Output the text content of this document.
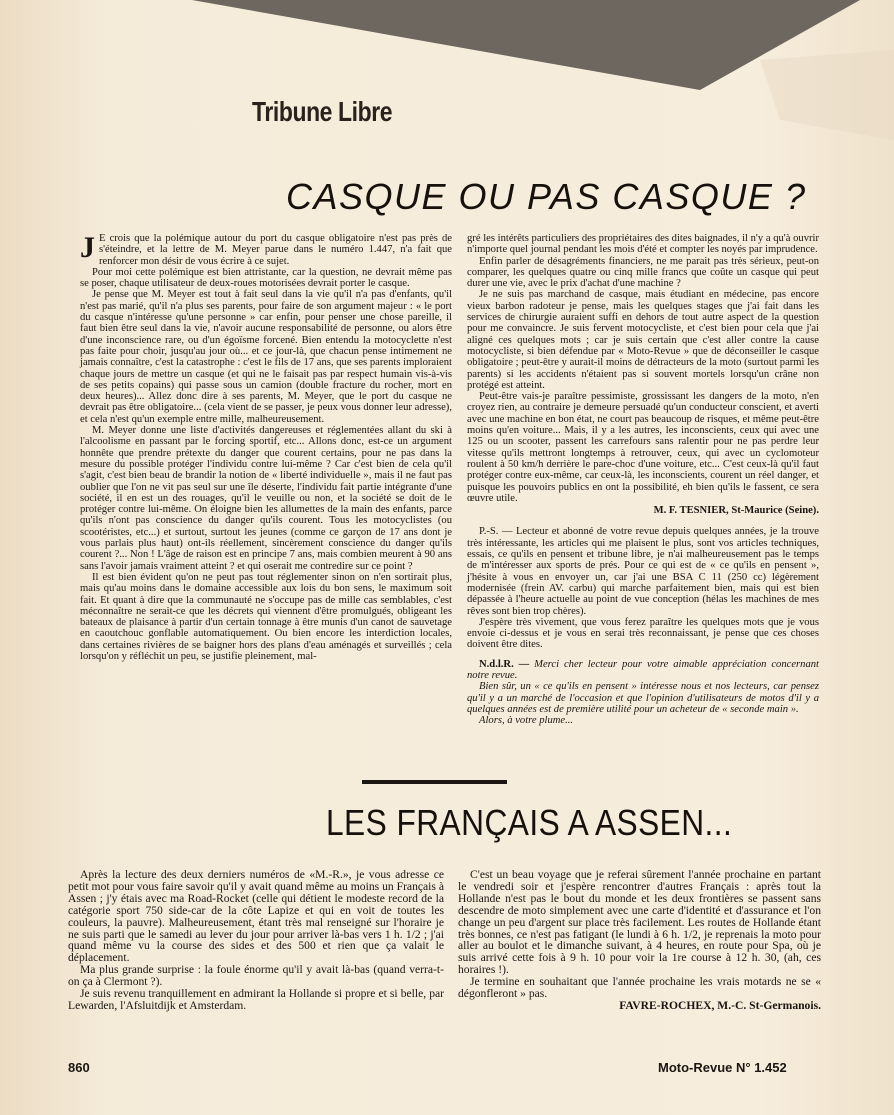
Tribune Libre
CASQUE OU PAS CASQUE ?

J E crois que la polémique autour du port du casque obligatoire n'est pas près de s'éteindre, et la lettre de M. Meyer parue dans le numéro 1.447, n'a fait que renforcer mon désir de vous écrire à ce sujet.

Pour moi cette polémique est bien attristante, car la question, ne devrait même pas se poser, chaque utilisateur de deux-roues motorisées devrait porter le casque.

Je pense que M. Meyer est tout à fait seul dans la vie qu'il n'a pas d'enfants, qu'il n'est pas marié, qu'il n'a plus ses parents, pour faire de son argument majeur : « le port du casque n'intéresse qu'une personne » car enfin, pour penser une chose pareille, il faut bien être seul dans la vie, n'avoir aucune responsabilité de personne, ou alors être d'une inconscience rare, ou d'un égoïsme forcené. Bien entendu la motocyclette n'est pas faite pour choir, jusqu'au jour où... et ce jour-là, que chacun pense intimement ne jamais connaître, c'est la catastrophe : c'est le fils de 17 ans, que ses parents imploraient chaque jours de mettre un casque (et qui ne le faisait pas par respect humain vis-à-vis de ses petits copains) qui passe sous un camion (double fracture du rocher, mort en deux heures)... Allez donc dire à ses parents, M. Meyer, que le port du casque ne devrait pas être obligatoire... (cela vient de se passer, je peux vous donner leur adresse), et cela n'est qu'un exemple entre mille, malheureusement.

M. Meyer donne une liste d'activités dangereuses et réglementées allant du ski à l'alcoolisme en passant par le forcing sportif, etc... Allons donc, est-ce un argument honnête que prendre prétexte du danger que courent certains, pour ne pas dans la mesure du possible protéger l'individu contre lui-même ? Car c'est bien de cela qu'il s'agit, c'est bien beau de brandir la notion de « liberté individuelle », mais il ne faut pas oublier que l'on ne vit pas seul sur une île déserte, l'individu fait partie intégrante d'une société, il en est un des rouages, qu'il le veuille ou non, et la société se doit de le protéger contre lui-même. On éloigne bien les allumettes de la main des enfants, parce qu'ils n'ont pas conscience du danger qu'ils courent. Tous les motocyclistes (ou scootéristes, etc...) et surtout, surtout les jeunes (comme ce garçon de 17 ans dont je vous parlais plus haut) ont-ils réellement, sincèrement conscience du danger qu'ils courent ?... Non ! L'âge de raison est en principe 7 ans, mais combien meurent à 90 ans sans l'avoir jamais vraiment atteint ? et qui oserait me contredire sur ce point ?

Il est bien évident qu'on ne peut pas tout réglementer sinon on n'en sortirait plus, mais qu'au moins dans le domaine accessible aux lois du bon sens, le maximum soit fait. Et quant à dire que la communauté ne s'occupe pas de mille cas semblables, c'est méconnaître ne serait-ce que les décrets qui viennent d'être promulgués, obligeant les bateaux de plaisance à partir d'un certain tonnage à être munis d'un canot de sauvetage en caoutchouc gonflable automatiquement. Ou bien encore les interdiction locales, dans certaines rivières de se baigner hors des plans d'eau aménagés et surveillés ; cela lorsqu'on y réfléchit un peu, se justifie pleinement, mal-

gré les intérêts particuliers des propriétaires des dites baignades, il n'y a qu'à ouvrir n'importe quel journal pendant les mois d'été et compter les noyés par imprudence.

Enfin parler de désagréments financiers, ne me parait pas très sérieux, peut-on comparer, les quelques quatre ou cinq mille francs que coûte un casque qui peut durer une vie, avec le prix d'achat d'une machine ?

Je ne suis pas marchand de casque, mais étudiant en médecine, pas encore vieux barbon radoteur je pense, mais les quelques stages que j'ai fait dans les services de chirurgie auraient suffi en dehors de tout autre aspect de la question pour me convaincre. Je suis fervent motocycliste, et c'est bien pour cela que j'ai aligné ces quelques mots ; car je suis certain que c'est aller contre la cause motocycliste, si bien défendue par « Moto-Revue » que de déconseiller le casque obligatoire ; peut-être y aurait-il moins de détracteurs de la moto (surtout parmi les parents) si les accidents n'étaient pas si souvent mortels lorsqu'un crâne non protégé est atteint.

Peut-être vais-je paraître pessimiste, grossissant les dangers de la moto, n'en croyez rien, au contraire je demeure persuadé qu'un conducteur conscient, et averti avec une machine en bon état, ne court pas beaucoup de risques, et même peut-être moins qu'en voiture... Mais, il y a les autres, les inconscients, ceux qui avec une 125 ou un scooter, passent les carrefours sans ralentir pour ne pas perdre leur vitesse qu'ils mettront longtemps à retrouver, ceux, qui avec un cyclomoteur roulent à 50 km/h derrière le pare-choc d'une voiture, etc... C'est ceux-là qu'il faut protéger contre eux-même, car ceux-là, les inconscients, courent un réel danger, et puisque les pouvoirs publics en ont la possibilité, eh bien qu'ils le fassent, ce sera œuvre utile.

M. F. TESNIER, St-Maurice (Seine).

P.-S. — Lecteur et abonné de votre revue depuis quelques années, je la trouve très intéressante, les articles qui me plaisent le plus, sont vos articles techniques, essais, ce qu'ils en pensent et tribune libre, je n'ai malheureusement pas le temps de m'intéresser aux sports de prés. Pour ce qui est de « ce qu'ils en pensent », j'hésite à vous en envoyer un, car j'ai une BSA C 11 (250 cc) légèrement modernisée (frein AV. carbu) qui marche parfaitement bien, mais qui est bien dépassée à l'heure actuelle au point de vue conception (hélas les machines de mes rêves sont bien trop chères).

J'espère très vivement, que vous ferez paraître les quelques mots que je vous envoie ci-dessus et je vous en serai très reconnaissant, je pense que ces choses doivent être dites.

N.d.l.R. — Merci cher lecteur pour votre aimable appréciation concernant notre revue.

Bien sûr, un « ce qu'ils en pensent » intéresse nous et nos lecteurs, car pensez qu'il y a un marché de l'occasion et que l'opinion d'utilisateurs de motos d'il y a quelques années est de première utilité pour un acheteur de « seconde main ».

Alors, à votre plume...

LES FRANÇAIS A ASSEN...

Après la lecture des deux derniers numéros de «M.-R.», je vous adresse ce petit mot pour vous faire savoir qu'il y avait quand même au moins un Français à Assen ; j'y étais avec ma Road-Rocket (celle qui détient le modeste record de la catégorie sport 750 side-car de la côte Lapize et qui en voit de toutes les couleurs, la pauvre). Malheureusement, étant très mal renseigné sur l'horaire je ne suis parti que le samedi au lever du jour pour arriver là-bas vers 1 h. 1/2 ; j'ai quand même vu la course des sides et des 500 et rien que ça valait le déplacement.

Ma plus grande surprise : la foule énorme qu'il y avait là-bas (quand verra-t-on ça à Clermont ?).

Je suis revenu tranquillement en admirant la Hollande si propre et si belle, par Lewarden, l'Afsluitdijk et Amsterdam.

C'est un beau voyage que je referai sûrement l'année prochaine en partant le vendredi soir et j'espère rencontrer d'autres Français : après tout la Hollande n'est pas le bout du monde et les deux frontières se passent sans descendre de moto simplement avec une carte d'identité et d'assurance et l'on change un peu d'argent sur place très facilement. Les routes de Hollande étant très bonnes, ce n'est pas fatigant (le lundi à 6 h. 1/2, je reprenais la moto pour aller au boulot et le dimanche suivant, à 4 heures, en route pour Spa, où je suis arrivé cette fois à 9 h. 10 pour voir la 1re course à 12 h. 30, (ah, ces horaires !).

Je termine en souhaitant que l'année prochaine les vrais motards ne se « dégonfleront » pas.

FAVRE-ROCHEX, M.-C. St-Germanois.
860	Moto-Revue N° 1.452
